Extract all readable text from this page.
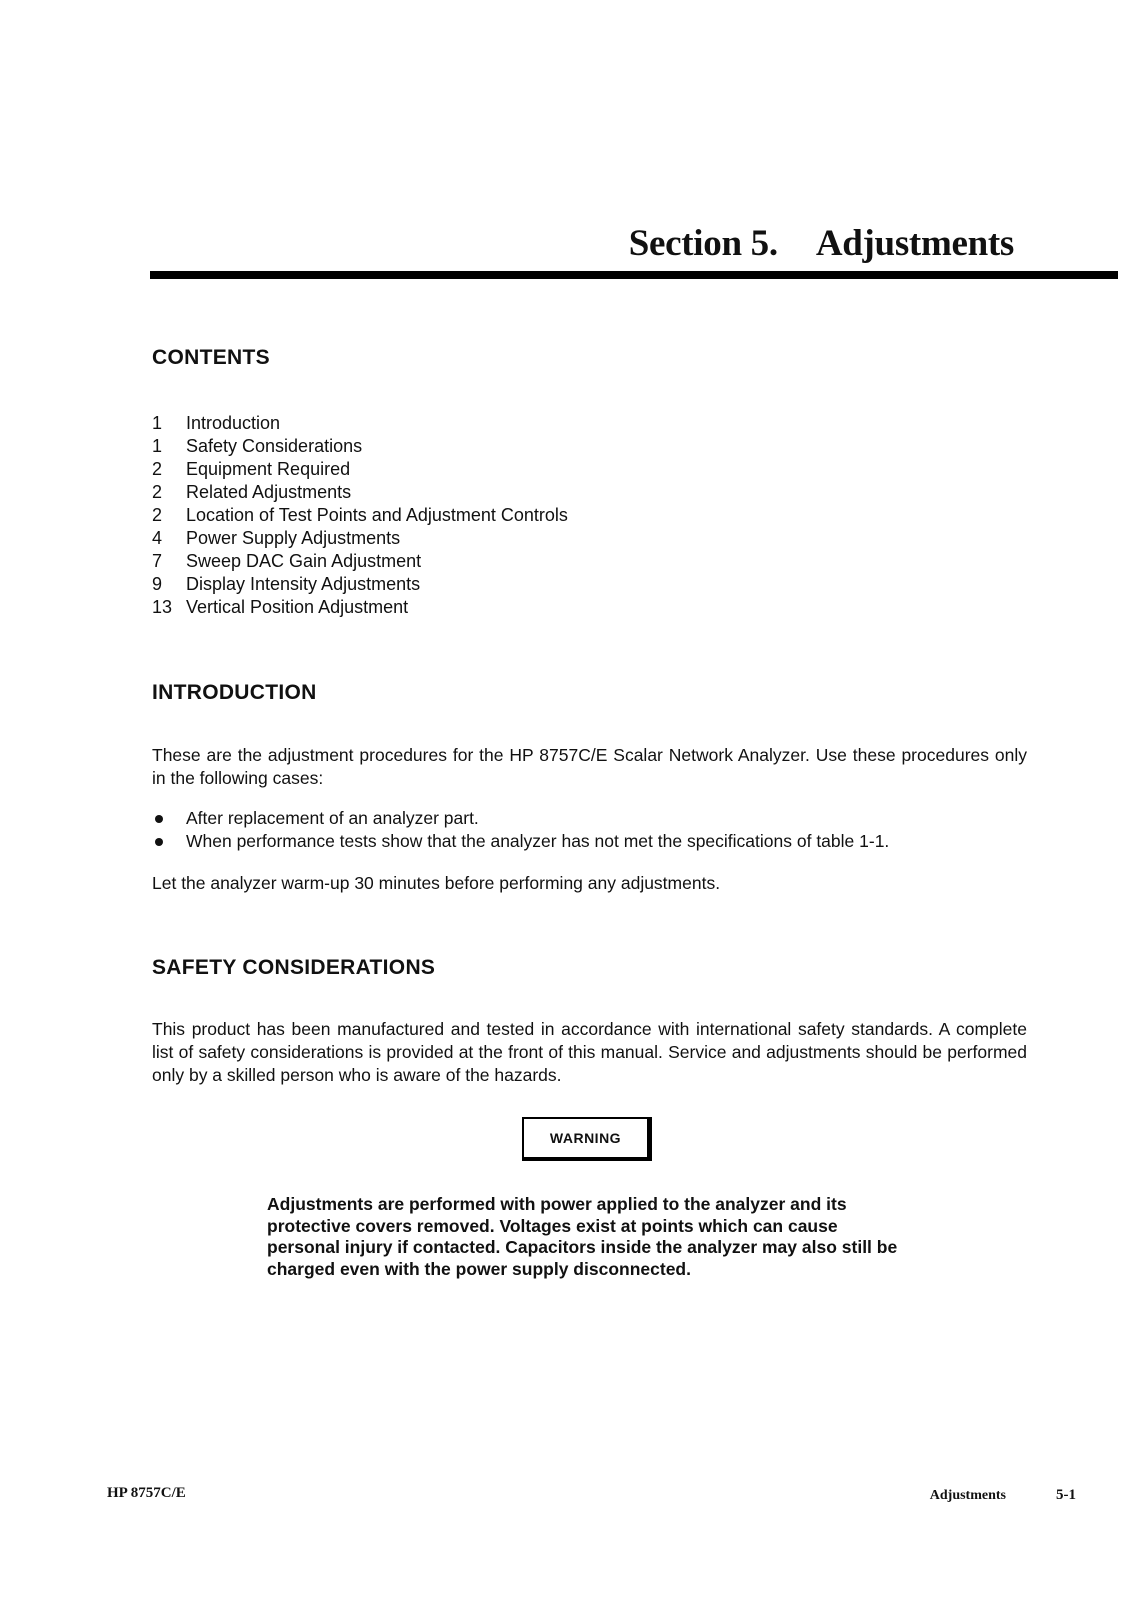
Section 5. Adjustments
CONTENTS
1	Introduction
1	Safety Considerations
2	Equipment Required
2	Related Adjustments
2	Location of Test Points and Adjustment Controls
4	Power Supply Adjustments
7	Sweep DAC Gain Adjustment
9	Display Intensity Adjustments
13 Vertical Position Adjustment
INTRODUCTION

These are the adjustment procedures for the HP 8757C/E Scalar Network Analyzer. Use these procedures only in the following cases:

After replacement of an analyzer part.
When performance tests show that the analyzer has not met the specifications of table 1-1.

Let the analyzer warm-up 30 minutes before performing any adjustments.

SAFETY CONSIDERATIONS

This product has been manufactured and tested in accordance with international safety standards. A complete list of safety considerations is provided at the front of this manual. Service and adjustments should be performed only by a skilled person who is aware of the hazards.

WARNING

Adjustments are performed with power applied to the analyzer and its protective covers removed. Voltages exist at points which can cause personal injury if contacted. Capacitors inside the analyzer may also still be charged even with the power supply disconnected.

HP 8757C/E	Adjustments	5-1
